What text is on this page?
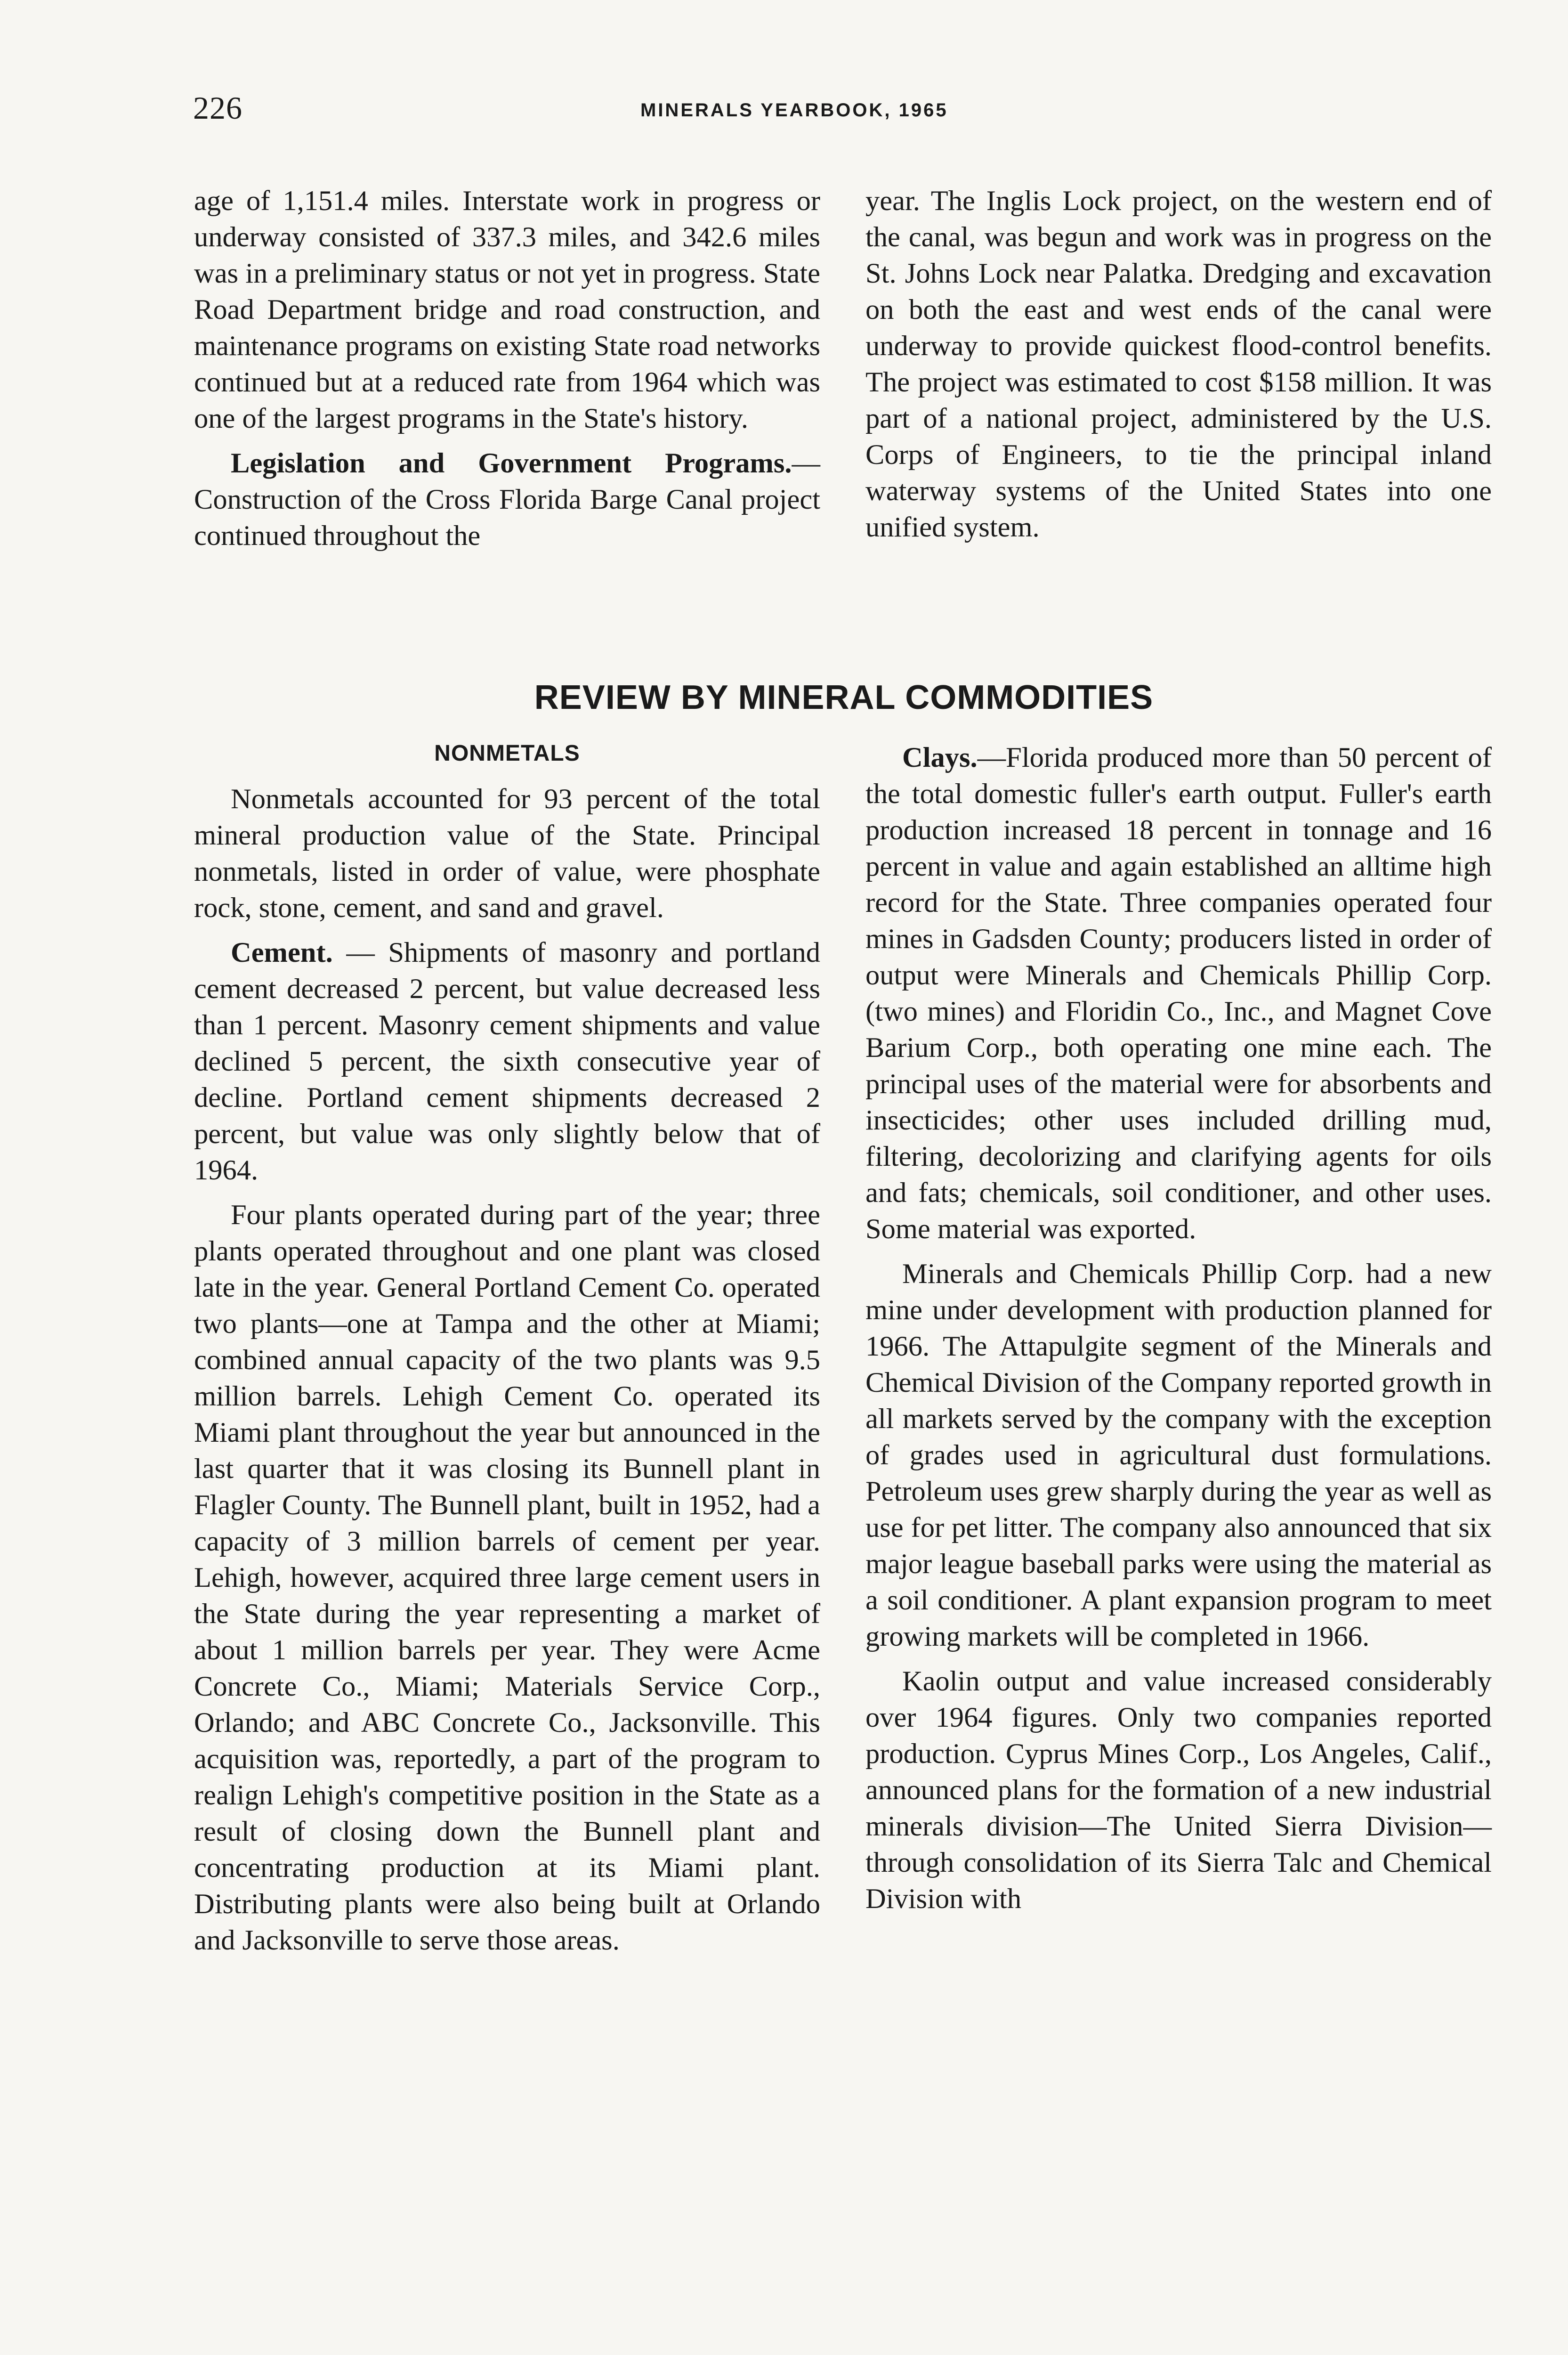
226	MINERALS YEARBOOK, 1965

age of 1,151.4 miles. Interstate work in progress or underway consisted of 337.3 miles, and 342.6 miles was in a preliminary status or not yet in progress. State Road Department bridge and road construction, and maintenance programs on existing State road networks continued but at a reduced rate from 1964 which was one of the largest programs in the State's history.

Legislation and Government Programs.—Construction of the Cross Florida Barge Canal project continued throughout the

year. The Inglis Lock project, on the western end of the canal, was begun and work was in progress on the St. Johns Lock near Palatka. Dredging and excavation on both the east and west ends of the canal were underway to provide quickest flood-control benefits. The project was estimated to cost $158 million. It was part of a national project, administered by the U.S. Corps of Engineers, to tie the principal inland waterway systems of the United States into one unified system.

REVIEW BY MINERAL COMMODITIES
NONMETALS

Nonmetals accounted for 93 percent of the total mineral production value of the State. Principal nonmetals, listed in order of value, were phosphate rock, stone, cement, and sand and gravel.

Cement. — Shipments of masonry and portland cement decreased 2 percent, but value decreased less than 1 percent. Masonry cement shipments and value declined 5 percent, the sixth consecutive year of decline. Portland cement shipments decreased 2 percent, but value was only slightly below that of 1964.

Four plants operated during part of the year; three plants operated throughout and one plant was closed late in the year. General Portland Cement Co. operated two plants—one at Tampa and the other at Miami; combined annual capacity of the two plants was 9.5 million barrels. Lehigh Cement Co. operated its Miami plant throughout the year but announced in the last quarter that it was closing its Bunnell plant in Flagler County. The Bunnell plant, built in 1952, had a capacity of 3 million barrels of cement per year. Lehigh, however, acquired three large cement users in the State during the year representing a market of about 1 million barrels per year. They were Acme Concrete Co., Miami; Materials Service Corp., Orlando; and ABC Concrete Co., Jacksonville. This acquisition was, reportedly, a part of the program to realign Lehigh's competitive position in the State as a result of closing down the Bunnell plant and concentrating production at its Miami plant. Distributing plants were also being built at Orlando and Jacksonville to serve those areas.

Clays.—Florida produced more than 50 percent of the total domestic fuller's earth output. Fuller's earth production increased 18 percent in tonnage and 16 percent in value and again established an alltime high record for the State. Three companies operated four mines in Gadsden County; producers listed in order of output were Minerals and Chemicals Phillip Corp. (two mines) and Floridin Co., Inc., and Magnet Cove Barium Corp., both operating one mine each. The principal uses of the material were for absorbents and insecticides; other uses included drilling mud, filtering, decolorizing and clarifying agents for oils and fats; chemicals, soil conditioner, and other uses. Some material was exported.

Minerals and Chemicals Phillip Corp. had a new mine under development with production planned for 1966. The Attapulgite segment of the Minerals and Chemical Division of the Company reported growth in all markets served by the company with the exception of grades used in agricultural dust formulations. Petroleum uses grew sharply during the year as well as use for pet litter. The company also announced that six major league baseball parks were using the material as a soil conditioner. A plant expansion program to meet growing markets will be completed in 1966.

Kaolin output and value increased considerably over 1964 figures. Only two companies reported production. Cyprus Mines Corp., Los Angeles, Calif., announced plans for the formation of a new industrial minerals division—The United Sierra Division—through consolidation of its Sierra Talc and Chemical Division with
